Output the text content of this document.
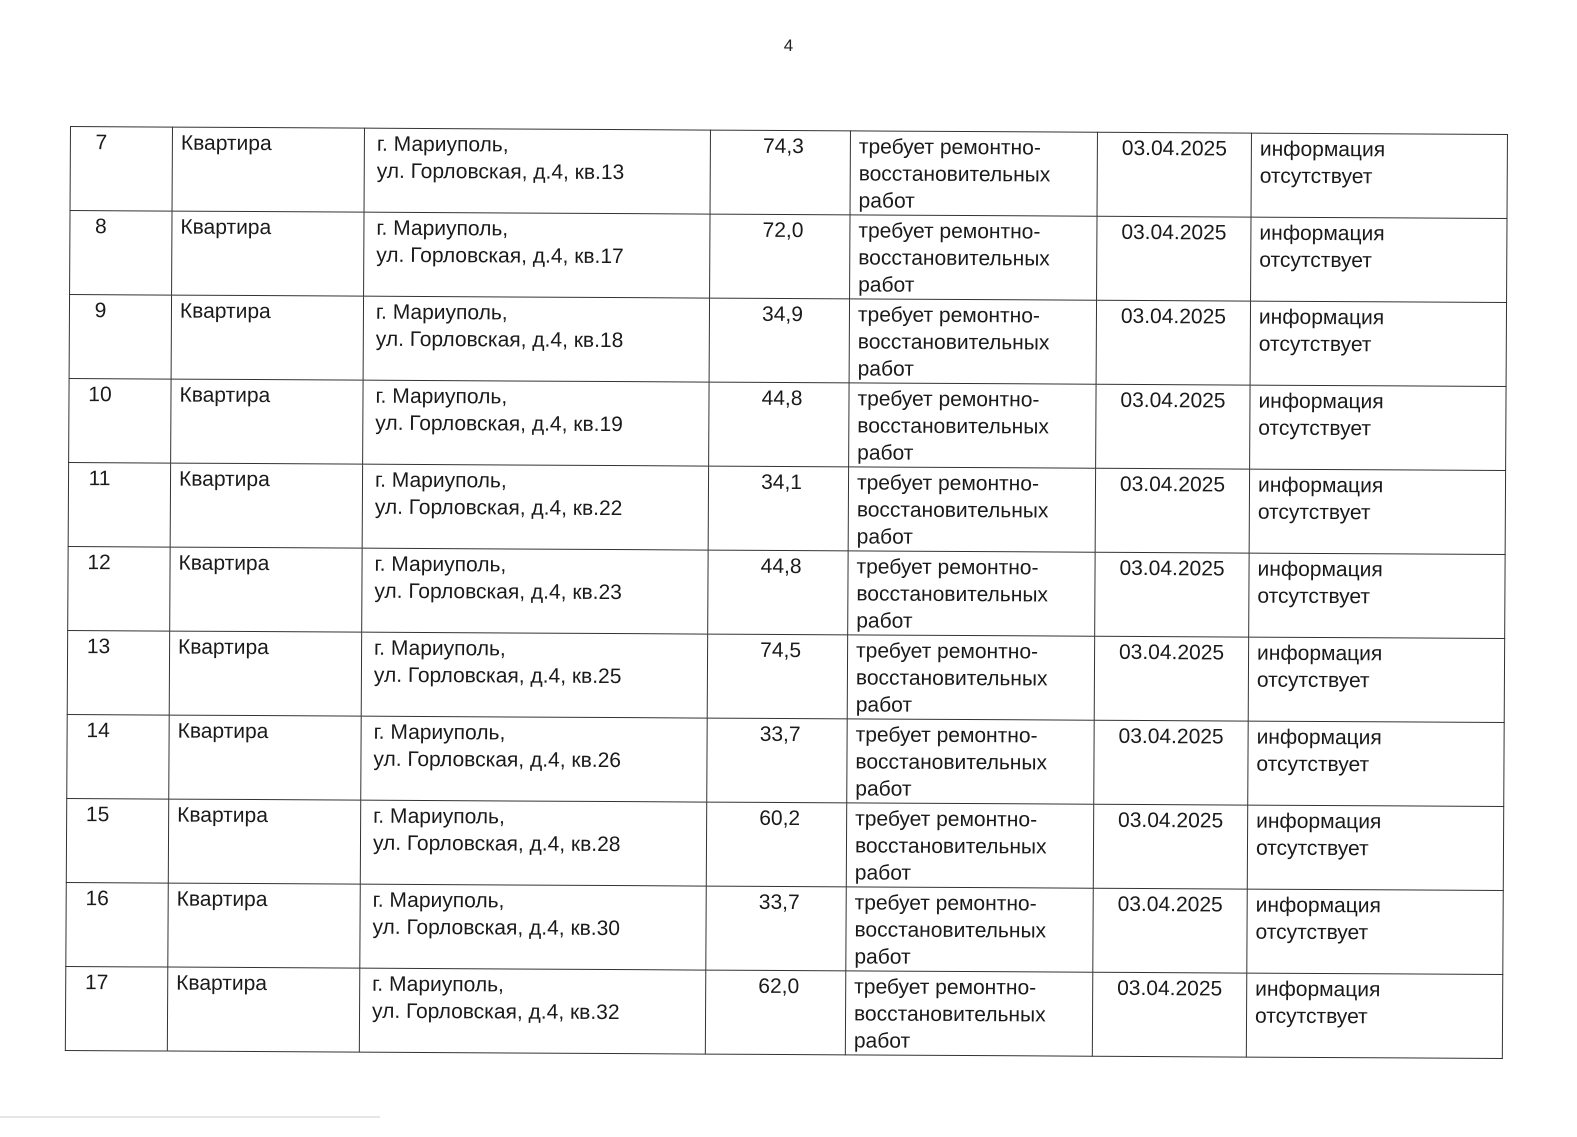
4
7	Квартира	г. Мариуполь,
ул. Горловская, д.4, кв.13
	74,3	требует ремонтно-
восстановительных
работ	03.04.2025	информация
отсутствует
8	Квартира	г. Мариуполь,
ул. Горловская, д.4, кв.17
	72,0	требует ремонтно-
восстановительных
работ	03.04.2025	информация
отсутствует
9	Квартира	г. Мариуполь,
ул. Горловская, д.4, кв.18
	34,9	требует ремонтно-
восстановительных
работ	03.04.2025	информация
отсутствует
10	Квартира	г. Мариуполь,
ул. Горловская, д.4, кв.19
	44,8	требует ремонтно-
восстановительных
работ	03.04.2025	информация
отсутствует
11	Квартира	г. Мариуполь,
ул. Горловская, д.4, кв.22
	34,1	требует ремонтно-
восстановительных
работ	03.04.2025	информация
отсутствует
12	Квартира	г. Мариуполь,
ул. Горловская, д.4, кв.23
	44,8	требует ремонтно-
восстановительных
работ	03.04.2025	информация
отсутствует
13	Квартира	г. Мариуполь,
ул. Горловская, д.4, кв.25
	74,5	требует ремонтно-
восстановительных
работ	03.04.2025	информация
отсутствует
14	Квартира	г. Мариуполь,
ул. Горловская, д.4, кв.26
	33,7	требует ремонтно-
восстановительных
работ	03.04.2025	информация
отсутствует
15	Квартира	г. Мариуполь,
ул. Горловская, д.4, кв.28
	60,2	требует ремонтно-
восстановительных
работ	03.04.2025	информация
отсутствует
16	Квартира	г. Мариуполь,
ул. Горловская, д.4, кв.30
	33,7	требует ремонтно-
восстановительных
работ	03.04.2025	информация
отсутствует
17	Квартира	г. Мариуполь,
ул. Горловская, д.4, кв.32
	62,0	требует ремонтно-
восстановительных
работ	03.04.2025	информация
отсутствует
